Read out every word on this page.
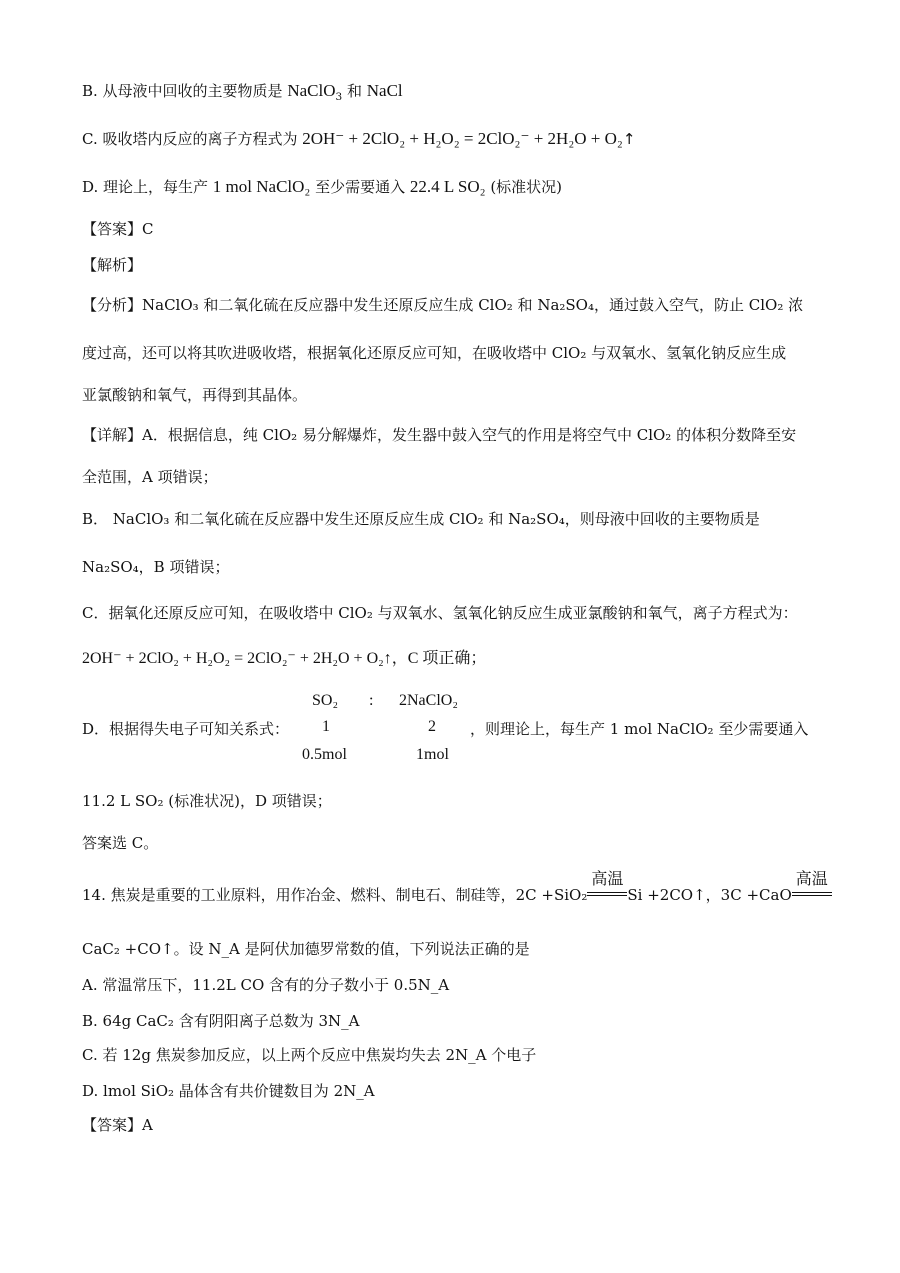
B. 从母液中回收的主要物质是 NaClO$_3$ 和 NaCl
C. 吸收塔内反应的离子方程式为 2OH⁻ + 2ClO₂ + H₂O₂ = 2ClO₂⁻ + 2H₂O + O₂↑
D. 理论上，每生产 1 mol NaClO₂ 至少需要通入 22.4 L SO₂ (标准状况)
【答案】C
【解析】
【分析】NaClO₃ 和二氧化硫在反应器中发生还原反应生成 ClO₂ 和 Na₂SO₄，通过鼓入空气，防止 ClO₂ 浓
度过高，还可以将其吹进吸收塔，根据氧化还原反应可知，在吸收塔中 ClO₂ 与双氧水、氢氧化钠反应生成
亚氯酸钠和氧气，再得到其晶体。
【详解】A．根据信息，纯 ClO₂ 易分解爆炸，发生器中鼓入空气的作用是将空气中 ClO₂ 的体积分数降至安
全范围，A 项错误；
B． NaClO₃ 和二氧化硫在反应器中发生还原反应生成 ClO₂ 和 Na₂SO₄，则母液中回收的主要物质是
Na₂SO₄，B 项错误；
C．据氧化还原反应可知，在吸收塔中 ClO₂ 与双氧水、氢氧化钠反应生成亚氯酸钠和氧气，离子方程式为：
2OH⁻ + 2ClO₂ + H₂O₂ = 2ClO₂⁻ + 2H₂O + O₂↑，C 项正确；
SO₂ : 2NaClO₂
D．根据得失电子可知关系式： 1	2 ，则理论上，每生产 1 mol NaClO₂ 至少需要通入
0.5mol	1mol
11.2 L SO₂ (标准状况)，D 项错误；
答案选 C。
14. 焦炭是重要的工业原料，用作冶金、燃料、制电石、制硅等，2C +SiO₂
高温
Si +2CO↑，3C +CaO
高温
CaC₂ +CO↑。设 N_A 是阿伏加德罗常数的值，下列说法正确的是
A. 常温常压下，11.2L CO 含有的分子数小于 0.5N_A
B. 64g CaC₂ 含有阴阳离子总数为 3N_A
C. 若 12g 焦炭参加反应，以上两个反应中焦炭均失去 2N_A 个电子
D. lmol SiO₂ 晶体含有共价键数目为 2N_A
【答案】A
